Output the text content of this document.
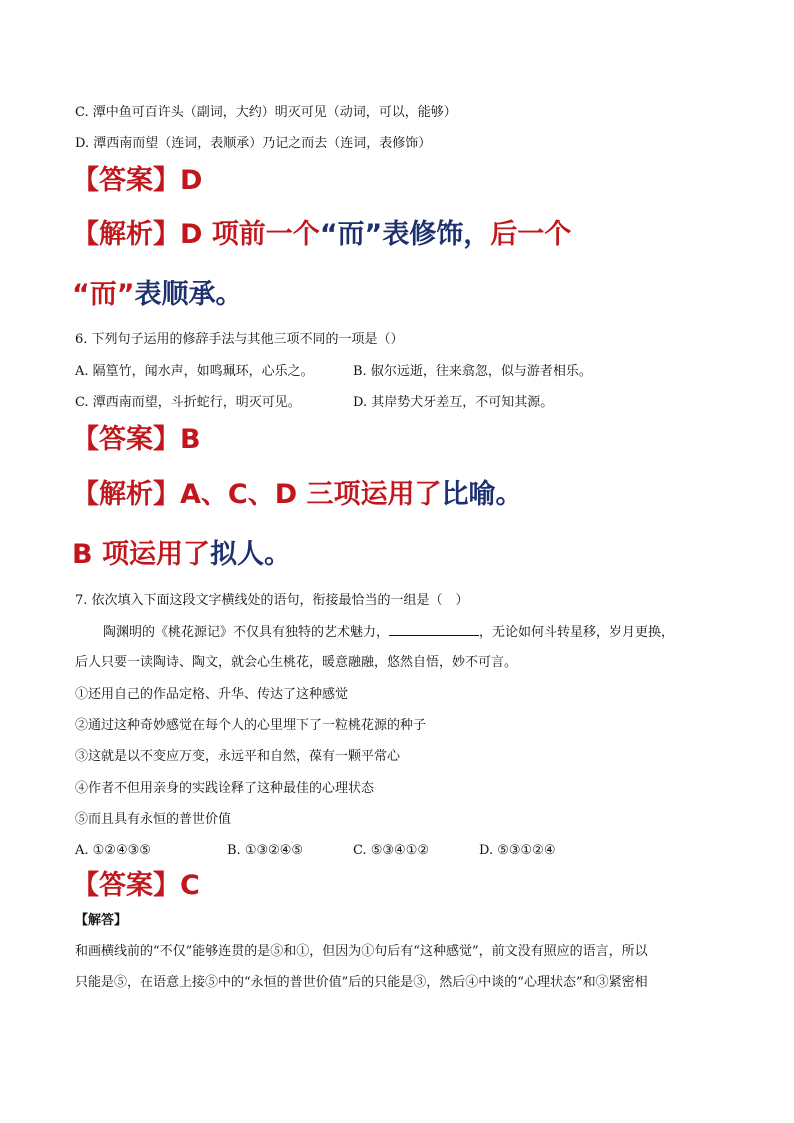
C. 潭中鱼可百许头（副词，大约）明灭可见（动词，可以，能够）
D. 潭西南而望（连词，表顺承）乃记之而去（连词，表修饰）
【答案】D
【解析】D 项前一个“而”表修饰，后一个
“而”表顺承。
6. 下列句子运用的修辞手法与其他三项不同的一项是（）
A. 隔篁竹，闻水声，如鸣珮环，心乐之。	B. 俶尔远逝，往来翕忽，似与游者相乐。
C. 潭西南而望，斗折蛇行，明灭可见。	D. 其岸势犬牙差互，不可知其源。
【答案】B
【解析】A、C、D 三项运用了比喻。
B 项运用了拟人。
7. 依次填入下面这段文字横线处的语句，衔接最恰当的一组是（　）
陶渊明的《桃花源记》不仅具有独特的艺术魅力，	，无论如何斗转星移，岁月更换，
后人只要一读陶诗、陶文，就会心生桃花，暖意融融，悠然自悟，妙不可言。
①还用自己的作品定格、升华、传达了这种感觉
②通过这种奇妙感觉在每个人的心里埋下了一粒桃花源的种子
③这就是以不变应万变，永远平和自然，葆有一颗平常心
④作者不但用亲身的实践诠释了这种最佳的心理状态
⑤而且具有永恒的普世价值
A. ①②④③⑤	B. ①③②④⑤	C. ⑤③④①②	D. ⑤③①②④
【答案】C
【解答】
和画横线前的“不仅”能够连贯的是⑤和①，但因为①句后有“这种感觉”，前文没有照应的语言，所以
只能是⑤，在语意上接⑤中的“永恒的普世价值”后的只能是③，然后④中谈的“心理状态”和③紧密相
